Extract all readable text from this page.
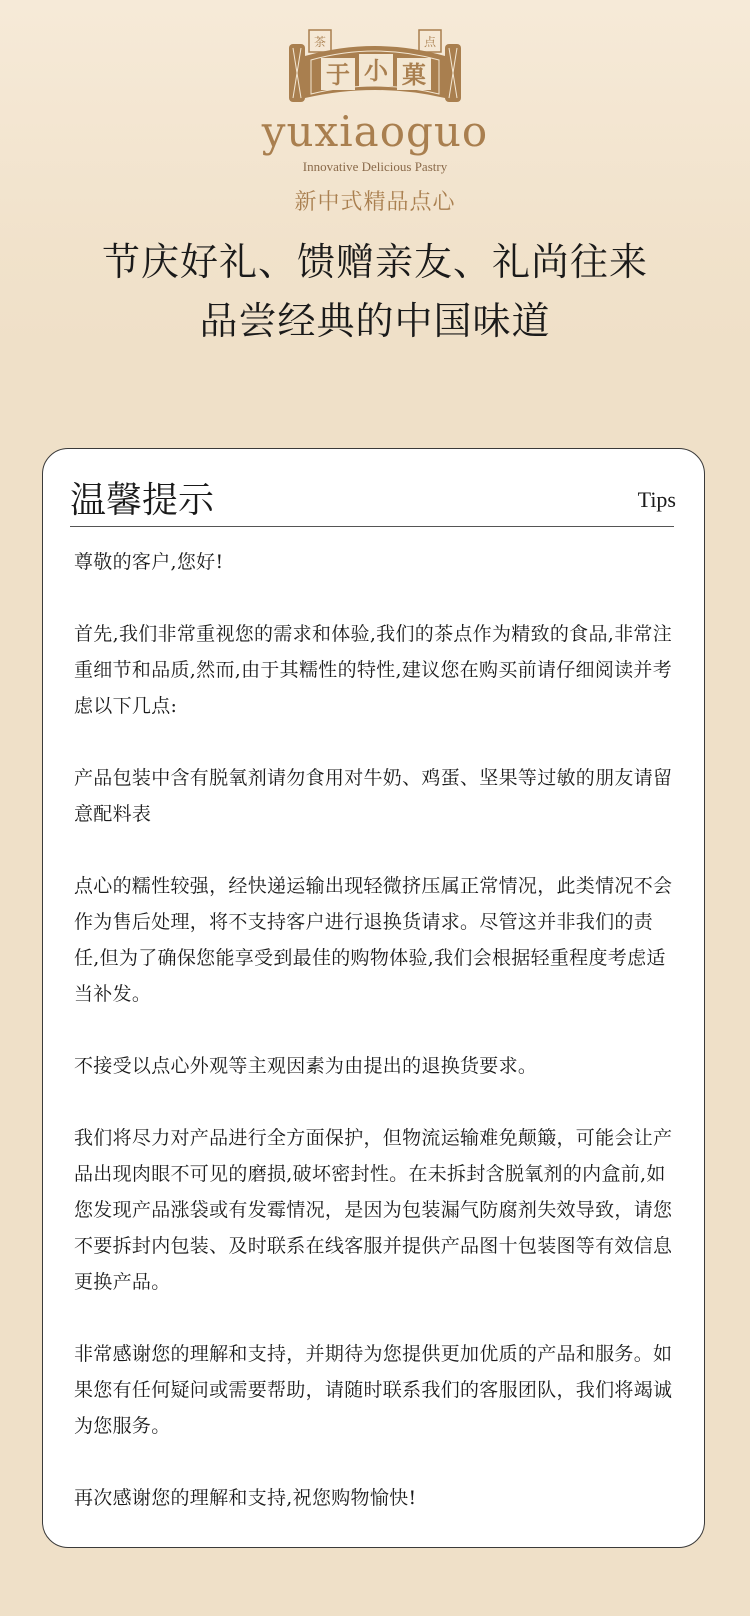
茶	点
于 小 菓
yuxiaoguo
Innovative Delicious Pastry
新中式精品点心
节庆好礼、馈赠亲友、礼尚往来
品尝经典的中国味道
温馨提示	Tips

尊敬的客户,您好!

首先,我们非常重视您的需求和体验,我们的茶点作为精致的食品,非常注重细节和品质,然而,由于其糯性的特性,建议您在购买前请仔细阅读并考虑以下几点:

产品包装中含有脱氧剂请勿食用对牛奶、鸡蛋、坚果等过敏的朋友请留意配料表

点心的糯性较强，经快递运输出现轻微挤压属正常情况，此类情况不会作为售后处理，将不支持客户进行退换货请求。尽管这并非我们的责任,但为了确保您能享受到最佳的购物体验,我们会根据轻重程度考虑适当补发。

不接受以点心外观等主观因素为由提出的退换货要求。

我们将尽力对产品进行全方面保护，但物流运输难免颠簸，可能会让产品出现肉眼不可见的磨损,破坏密封性。在未拆封含脱氧剂的内盒前,如您发现产品涨袋或有发霉情况，是因为包装漏气防腐剂失效导致，请您不要拆封内包装、及时联系在线客服并提供产品图十包装图等有效信息更换产品。

非常感谢您的理解和支持，并期待为您提供更加优质的产品和服务。如果您有任何疑问或需要帮助，请随时联系我们的客服团队，我们将竭诚为您服务。

再次感谢您的理解和支持,祝您购物愉快!
